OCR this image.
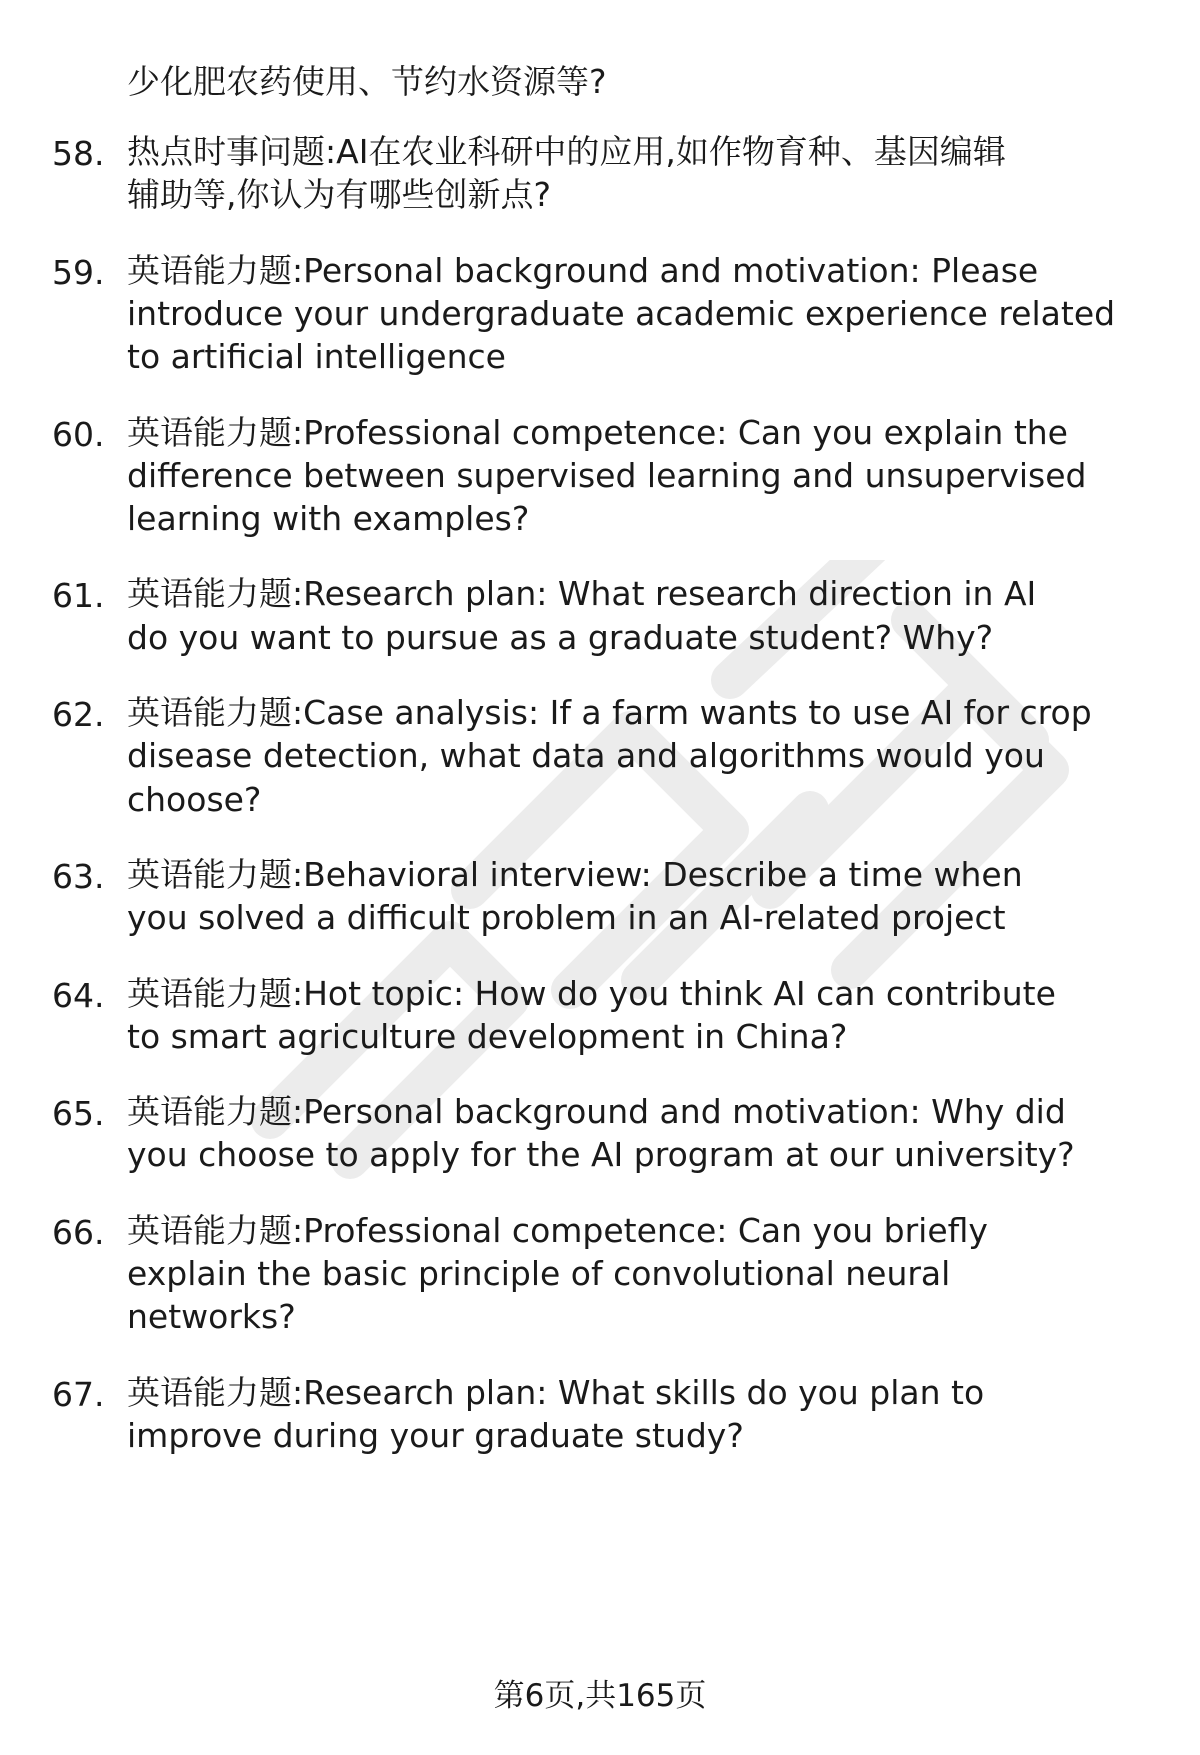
少化肥农药使用、节约水资源等?
58. 热点时事问题:AI在农业科研中的应用,如作物育种、基因编辑
辅助等,你认为有哪些创新点?
59. 英语能力题:Personal background and motivation: Please
introduce your undergraduate academic experience related
to artificial intelligence
60. 英语能力题:Professional competence: Can you explain the
difference between supervised learning and unsupervised
learning with examples?
61. 英语能力题:Research plan: What research direction in AI
do you want to pursue as a graduate student? Why?
62. 英语能力题:Case analysis: If a farm wants to use AI for crop
disease detection, what data and algorithms would you
choose?
63. 英语能力题:Behavioral interview: Describe a time when
you solved a difficult problem in an AI-related project
64. 英语能力题:Hot topic: How do you think AI can contribute
to smart agriculture development in China?
65. 英语能力题:Personal background and motivation: Why did
you choose to apply for the AI program at our university?
66. 英语能力题:Professional competence: Can you briefly
explain the basic principle of convolutional neural
networks?
67. 英语能力题:Research plan: What skills do you plan to
improve during your graduate study?
第6页,共165页
